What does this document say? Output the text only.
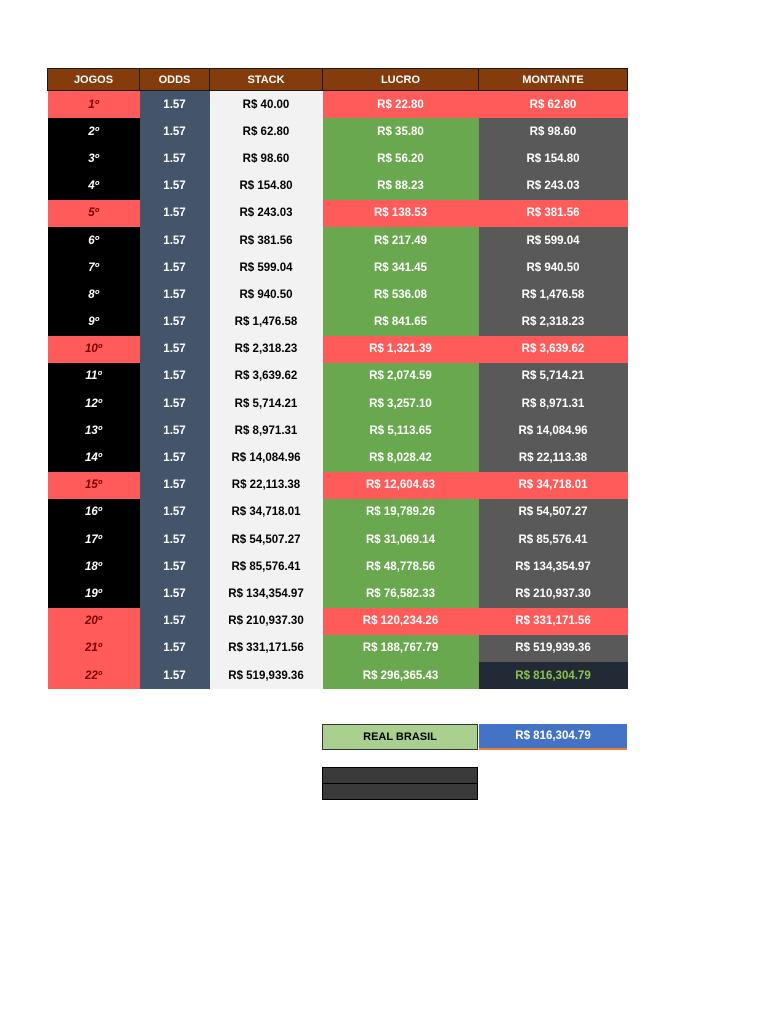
JOGOS	ODDS	STACK	LUCRO	MONTANTE
1º	1.57	R$ 40.00	R$ 22.80	R$ 62.80
2º	1.57	R$ 62.80	R$ 35.80	R$ 98.60
3º	1.57	R$ 98.60	R$ 56.20	R$ 154.80
4º	1.57	R$ 154.80	R$ 88.23	R$ 243.03
5º	1.57	R$ 243.03	R$ 138.53	R$ 381.56
6º	1.57	R$ 381.56	R$ 217.49	R$ 599.04
7º	1.57	R$ 599.04	R$ 341.45	R$ 940.50
8º	1.57	R$ 940.50	R$ 536.08	R$ 1,476.58
9º	1.57	R$ 1,476.58	R$ 841.65	R$ 2,318.23
10º	1.57	R$ 2,318.23	R$ 1,321.39	R$ 3,639.62
11º	1.57	R$ 3,639.62	R$ 2,074.59	R$ 5,714.21
12º	1.57	R$ 5,714.21	R$ 3,257.10	R$ 8,971.31
13º	1.57	R$ 8,971.31	R$ 5,113.65	R$ 14,084.96
14º	1.57	R$ 14,084.96	R$ 8,028.42	R$ 22,113.38
15º	1.57	R$ 22,113.38	R$ 12,604.63	R$ 34,718.01
16º	1.57	R$ 34,718.01	R$ 19,789.26	R$ 54,507.27
17º	1.57	R$ 54,507.27	R$ 31,069.14	R$ 85,576.41
18º	1.57	R$ 85,576.41	R$ 48,778.56	R$ 134,354.97
19º	1.57	R$ 134,354.97	R$ 76,582.33	R$ 210,937.30
20º	1.57	R$ 210,937.30	R$ 120,234.26	R$ 331,171.56
21º	1.57	R$ 331,171.56	R$ 188,767.79	R$ 519,939.36
22º	1.57	R$ 519,939.36	R$ 296,365.43	R$ 816,304.79
REAL BRASIL	R$ 816,304.79
